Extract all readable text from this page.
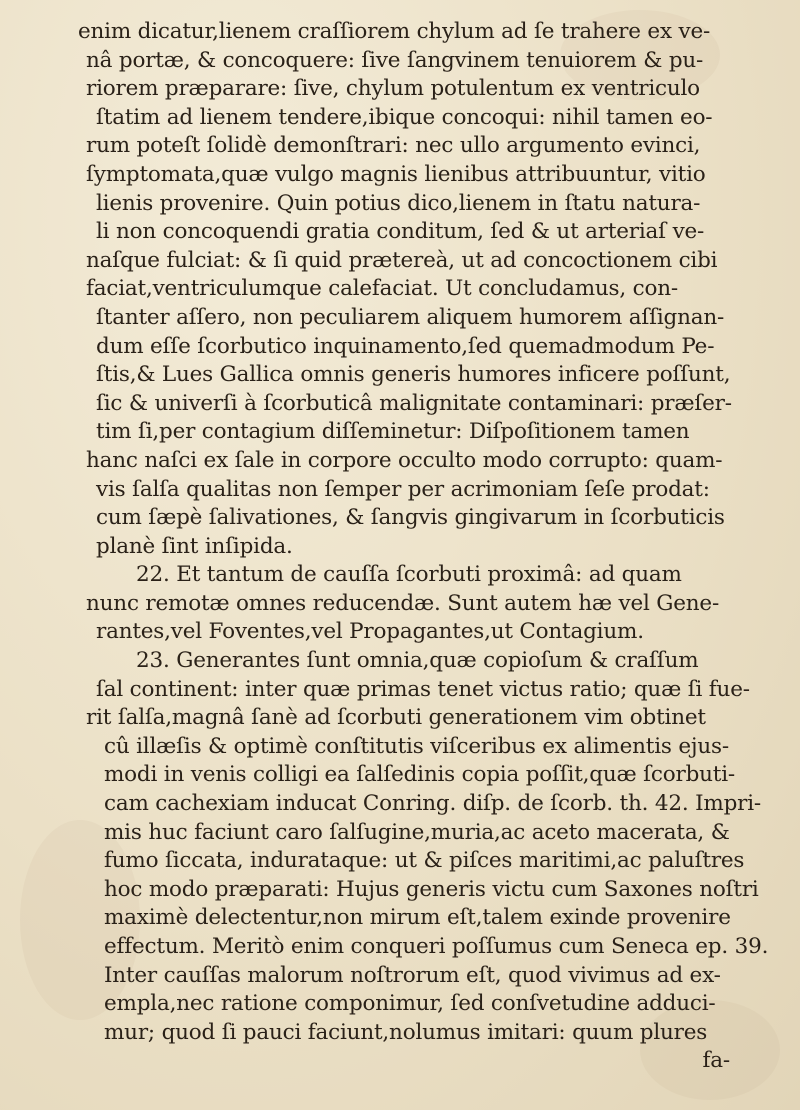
enim dicatur,lienem craſſiorem chylum ad ſe trahere ex ve-
nâ portæ, & concoquere: ſive ſangvinem tenuiorem & pu-
riorem præparare: ſive, chylum potulentum ex ventriculo
ſtatim ad lienem tendere,ibique concoqui: nihil tamen eo-
rum poteſt ſolidè demonſtrari: nec ullo argumento evinci,
ſymptomata,quæ vulgo magnis lienibus attribuuntur, vitio
lienis provenire. Quin potius dico,lienem in ſtatu natura-
li non concoquendi gratia conditum, ſed & ut arteriaſ ve-
naſque fulciat: & ſi quid prætereà, ut ad concoctionem cibi
faciat,ventriculumque calefaciat. Ut concludamus, con-
ſtanter aſſero, non peculiarem aliquem humorem aſſignan-
dum eſſe ſcorbutico inquinamento,ſed quemadmodum Pe-
ſtis,& Lues Gallica omnis generis humores inficere poſſunt,
ſic & univerſi à ſcorbuticâ malignitate contaminari: præſer-
tim ſi,per contagium diſſeminetur: Diſpoſitionem tamen
hanc naſci ex ſale in corpore occulto modo corrupto: quam-
vis ſalſa qualitas non ſemper per acrimoniam ſeſe prodat:
cum ſæpè ſalivationes, & ſangvis gingivarum in ſcorbuticis
planè ſint inſipida.
22. Et tantum de cauſſa ſcorbuti proximâ: ad quam
nunc remotæ omnes reducendæ. Sunt autem hæ vel Gene-
rantes,vel Foventes,vel Propagantes,ut Contagium.
23. Generantes ſunt omnia,quæ copioſum & craſſum
ſal continent: inter quæ primas tenet victus ratio; quæ ſi fue-
rit ſalſa,magnâ ſanè ad ſcorbuti generationem vim obtinet
cû illæſis & optimè conſtitutis viſceribus ex alimentis ejus-
modi in venis colligi ea ſalſedinis copia poſſit,quæ ſcorbuti-
cam cachexiam inducat Conring. diſp. de ſcorb. th. 42. Impri-
mis huc faciunt caro ſalſugine,muria,ac aceto macerata, &
fumo ſiccata, indurataque: ut & piſces maritimi,ac paluſtres
hoc modo præparati: Hujus generis victu cum Saxones noſtri
maximè delectentur,non mirum eſt,talem exinde provenire
effectum. Meritò enim conqueri poſſumus cum Seneca ep. 39.
Inter cauſſas malorum noſtrorum eſt, quod vivimus ad ex-
empla,nec ratione componimur, ſed conſvetudine adduci-
mur; quod ſi pauci faciunt,nolumus imitari: quum plures
fa-
